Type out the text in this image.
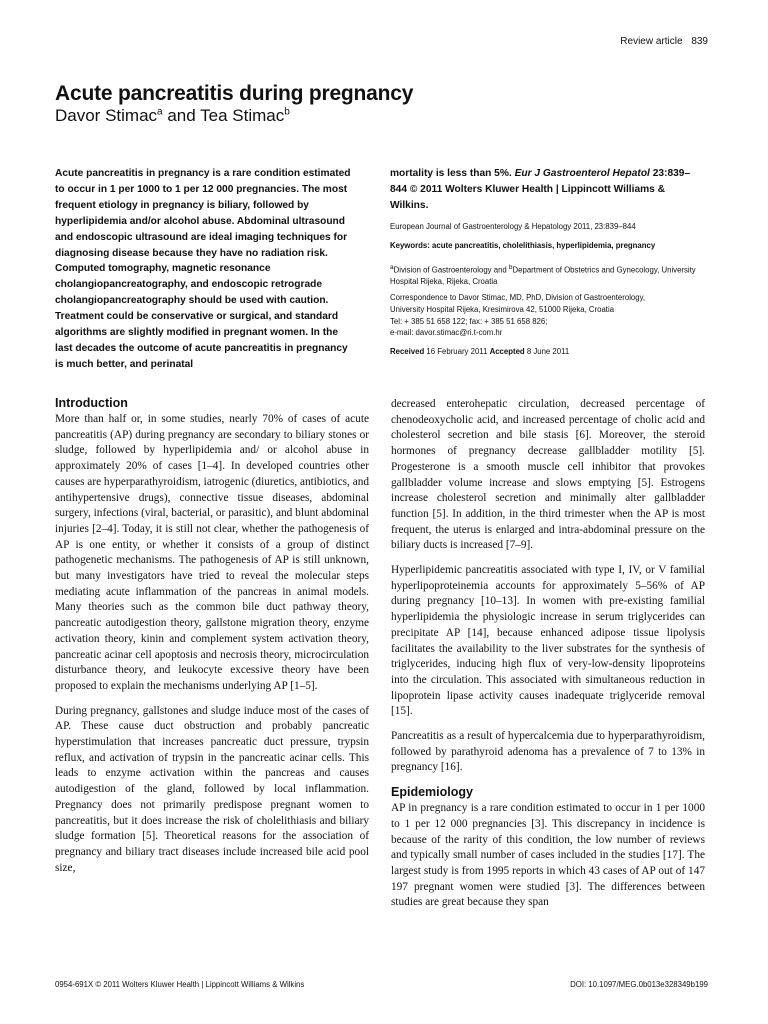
Review article 839
Acute pancreatitis during pregnancy
Davor Stimac$^a$ and Tea Stimac$^b$
Acute pancreatitis in pregnancy is a rare condition estimated to occur in 1 per 1000 to 1 per 12 000 pregnancies. The most frequent etiology in pregnancy is biliary, followed by hyperlipidemia and/or alcohol abuse. Abdominal ultrasound and endoscopic ultrasound are ideal imaging techniques for diagnosing disease because they have no radiation risk. Computed tomography, magnetic resonance cholangiopancreatography, and endoscopic retrograde cholangiopancreatography should be used with caution. Treatment could be conservative or surgical, and standard algorithms are slightly modified in pregnant women. In the last decades the outcome of acute pancreatitis in pregnancy is much better, and perinatal
mortality is less than 5%. Eur J Gastroenterol Hepatol 23:839–844 © 2011 Wolters Kluwer Health | Lippincott Williams & Wilkins.
European Journal of Gastroenterology & Hepatology 2011, 23:839–844
Keywords: acute pancreatitis, cholelithiasis, hyperlipidemia, pregnancy
$^a$Division of Gastroenterology and $^b$Department of Obstetrics and Gynecology, University Hospital Rijeka, Rijeka, Croatia
Correspondence to Davor Stimac, MD, PhD, Division of Gastroenterology,
University Hospital Rijeka, Kresimirova 42, 51000 Rijeka, Croatia
Tel: + 385 51 658 122; fax: + 385 51 658 826;
e-mail: davor.stimac@ri.t-com.hr
Received 16 February 2011 Accepted 8 June 2011
Introduction

More than half or, in some studies, nearly 70% of cases of acute pancreatitis (AP) during pregnancy are secondary to biliary stones or sludge, followed by hyperlipidemia and/ or alcohol abuse in approximately 20% of cases [1–4]. In developed countries other causes are hyperparathyroidism, iatrogenic (diuretics, antibiotics, and antihypertensive drugs), connective tissue diseases, abdominal surgery, infections (viral, bacterial, or parasitic), and blunt abdominal injuries [2–4]. Today, it is still not clear, whether the pathogenesis of AP is one entity, or whether it consists of a group of distinct pathogenetic mechanisms. The pathogenesis of AP is still unknown, but many investigators have tried to reveal the molecular steps mediating acute inflammation of the pancreas in animal models. Many theories such as the common bile duct pathway theory, pancreatic autodigestion theory, gallstone migration theory, enzyme activation theory, kinin and complement system activation theory, pancreatic acinar cell apoptosis and necrosis theory, microcirculation disturbance theory, and leukocyte excessive theory have been proposed to explain the mechanisms underlying AP [1–5].

During pregnancy, gallstones and sludge induce most of the cases of AP. These cause duct obstruction and probably pancreatic hyperstimulation that increases pancreatic duct pressure, trypsin reflux, and activation of trypsin in the pancreatic acinar cells. This leads to enzyme activation within the pancreas and causes autodigestion of the gland, followed by local inflammation. Pregnancy does not primarily predispose pregnant women to pancreatitis, but it does increase the risk of cholelithiasis and biliary sludge formation [5]. Theoretical reasons for the association of pregnancy and biliary tract diseases include increased bile acid pool size,

decreased enterohepatic circulation, decreased percentage of chenodeoxycholic acid, and increased percentage of cholic acid and cholesterol secretion and bile stasis [6]. Moreover, the steroid hormones of pregnancy decrease gallbladder motility [5]. Progesterone is a smooth muscle cell inhibitor that provokes gallbladder volume increase and slows emptying [5]. Estrogens increase cholesterol secretion and minimally alter gallbladder function [5]. In addition, in the third trimester when the AP is most frequent, the uterus is enlarged and intra-abdominal pressure on the biliary ducts is increased [7–9].

Hyperlipidemic pancreatitis associated with type I, IV, or V familial hyperlipoproteinemia accounts for approximately 5–56% of AP during pregnancy [10–13]. In women with pre-existing familial hyperlipidemia the physiologic increase in serum triglycerides can precipitate AP [14], because enhanced adipose tissue lipolysis facilitates the availability to the liver substrates for the synthesis of triglycerides, inducing high flux of very-low-density lipoproteins into the circulation. This associated with simultaneous reduction in lipoprotein lipase activity causes inadequate triglyceride removal [15].

Pancreatitis as a result of hypercalcemia due to hyperparathyroidism, followed by parathyroid adenoma has a prevalence of 7 to 13% in pregnancy [16].

Epidemiology

AP in pregnancy is a rare condition estimated to occur in 1 per 1000 to 1 per 12 000 pregnancies [3]. This discrepancy in incidence is because of the rarity of this condition, the low number of reviews and typically small number of cases included in the studies [17]. The largest study is from 1995 reports in which 43 cases of AP out of 147 197 pregnant women were studied [3]. The differences between studies are great because they span

0954-691X © 2011 Wolters Kluwer Health | Lippincott Williams & Wilkins	DOI: 10.1097/MEG.0b013e328349b199
